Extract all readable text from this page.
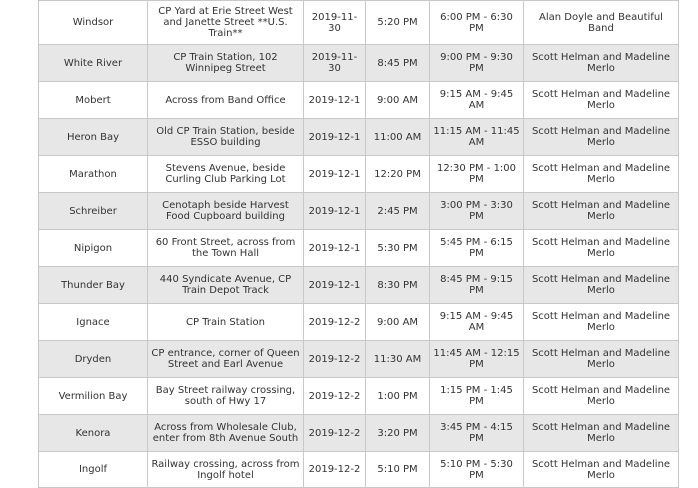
Windsor	CP Yard at Erie Street West and Janette Street **U.S. Train**	2019-11-30	5:20 PM	6:00 PM - 6:30 PM	Alan Doyle and Beautiful Band
White River	CP Train Station, 102 Winnipeg Street	2019-11-30	8:45 PM	9:00 PM - 9:30 PM	Scott Helman and Madeline Merlo
Mobert	Across from Band Office	2019-12-1	9:00 AM	9:15 AM - 9:45 AM	Scott Helman and Madeline Merlo
Heron Bay	Old CP Train Station, beside ESSO building	2019-12-1	11:00 AM	11:15 AM - 11:45 AM	Scott Helman and Madeline Merlo
Marathon	Stevens Avenue, beside Curling Club Parking Lot	2019-12-1	12:20 PM	12:30 PM - 1:00 PM	Scott Helman and Madeline Merlo
Schreiber	Cenotaph beside Harvest Food Cupboard building	2019-12-1	2:45 PM	3:00 PM - 3:30 PM	Scott Helman and Madeline Merlo
Nipigon	60 Front Street, across from the Town Hall	2019-12-1	5:30 PM	5:45 PM - 6:15 PM	Scott Helman and Madeline Merlo
Thunder Bay	440 Syndicate Avenue, CP Train Depot Track	2019-12-1	8:30 PM	8:45 PM - 9:15 PM	Scott Helman and Madeline Merlo
Ignace	CP Train Station	2019-12-2	9:00 AM	9:15 AM - 9:45 AM	Scott Helman and Madeline Merlo
Dryden	CP entrance, corner of Queen Street and Earl Avenue	2019-12-2	11:30 AM	11:45 AM - 12:15 PM	Scott Helman and Madeline Merlo
Vermilion Bay	Bay Street railway crossing, south of Hwy 17	2019-12-2	1:00 PM	1:15 PM - 1:45 PM	Scott Helman and Madeline Merlo
Kenora	Across from Wholesale Club, enter from 8th Avenue South	2019-12-2	3:20 PM	3:45 PM - 4:15 PM	Scott Helman and Madeline Merlo
Ingolf	Railway crossing, across from Ingolf hotel	2019-12-2	5:10 PM	5:10 PM - 5:30 PM	Scott Helman and Madeline Merlo
